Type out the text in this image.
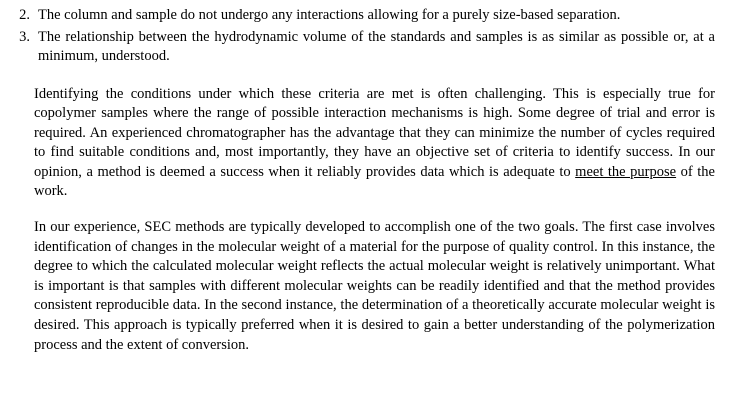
2. The column and sample do not undergo any interactions allowing for a purely size-based separation.
3. The relationship between the hydrodynamic volume of the standards and samples is as similar as possible or, at a minimum, understood.

Identifying the conditions under which these criteria are met is often challenging. This is especially true for copolymer samples where the range of possible interaction mechanisms is high. Some degree of trial and error is required. An experienced chromatographer has the advantage that they can minimize the number of cycles required to find suitable conditions and, most importantly, they have an objective set of criteria to identify success. In our opinion, a method is deemed a success when it reliably provides data which is adequate to meet the purpose of the work.

In our experience, SEC methods are typically developed to accomplish one of the two goals. The first case involves identification of changes in the molecular weight of a material for the purpose of quality control. In this instance, the degree to which the calculated molecular weight reflects the actual molecular weight is relatively unimportant. What is important is that samples with different molecular weights can be readily identified and that the method provides consistent reproducible data. In the second instance, the determination of a theoretically accurate molecular weight is desired. This approach is typically preferred when it is desired to gain a better understanding of the polymerization process and the extent of conversion.
